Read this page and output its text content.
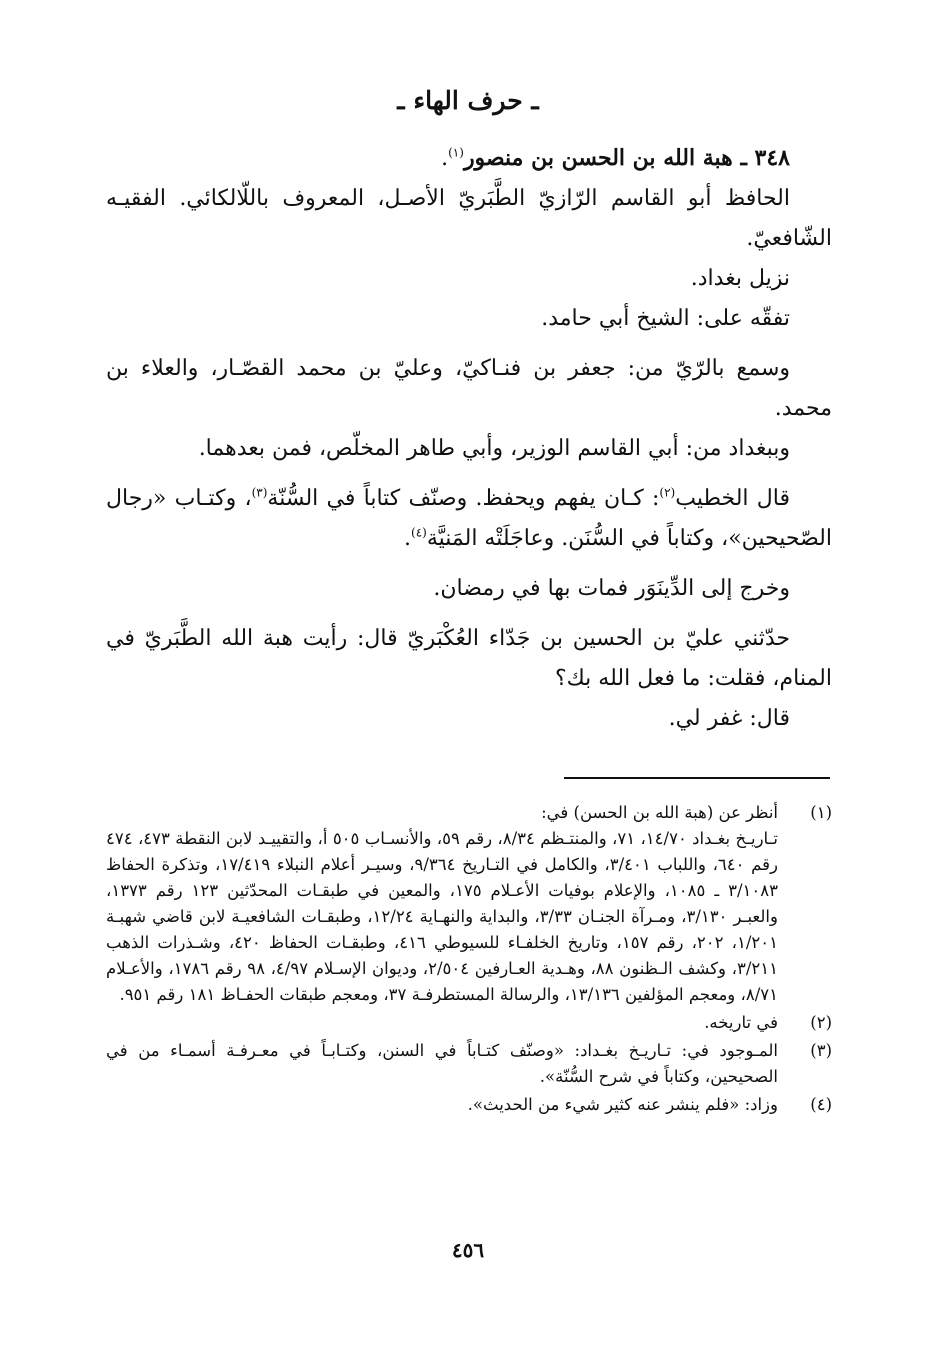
ـ حرف الهاء ـ

٣٤٨ ـ هبة الله بن الحسن بن منصور$^{(١)}$.

الحافظ أبو القاسم الرّازيّ الطَّبَريّ الأصـل، المعروف باللّالكائي. الفقيـه الشّافعيّ.

نزيل بغداد.

تفقّه على: الشيخ أبي حامد.

وسمع بالرّيّ من: جعفر بن فنـاكيّ، وعليّ بن محمد القصّـار، والعلاء بن محمد.

وببغداد من: أبي القاسم الوزير، وأبي طاهر المخلّص، فمن بعدهما.

قال الخطيب$^{(٢)}$: كـان يفهم ويحفظ. وصنّف كتاباً في السُّنّة$^{(٣)}$، وكتـاب «رجال الصّحيحين»، وكتاباً في السُّنَن. وعاجَلَتْه المَنيَّة$^{(٤)}$.

وخرج إلى الدِّينَوَر فمات بها في رمضان.

حدّثني عليّ بن الحسين بن جَدّاء العُكْبَريّ قال: رأيت هبة الله الطَّبَريّ في المنام، فقلت: ما فعل الله بك؟

قال: غفر لي.

(١)

أنظر عن (هبة الله بن الحسن) في:

تـاريـخ بغـداد ١٤/٧٠، ٧١، والمنتـظم ٨/٣٤، رقم ٥٩، والأنسـاب ٥٠٥ أ، والتقييـد لابن النقطة ٤٧٣، ٤٧٤ رقم ٦٤٠، واللباب ٣/٤٠١، والكامل في التـاريخ ٩/٣٦٤، وسيـر أعلام النبلاء ١٧/٤١٩، وتذكرة الحفاظ ٣/١٠٨٣ ـ ١٠٨٥، والإعلام بوفيات الأعـلام ١٧٥، والمعين في طبقـات المحدّثين ١٢٣ رقم ١٣٧٣، والعبـر ٣/١٣٠، ومـرآة الجنـان ٣/٣٣، والبداية والنهـاية ١٢/٢٤، وطبقـات الشافعيـة لابن قاضي شهبـة ١/٢٠١، ٢٠٢، رقم ١٥٧، وتاريخ الخلفـاء للسيوطي ٤١٦، وطبقـات الحفاظ ٤٢٠، وشـذرات الذهب ٣/٢١١، وكشف الـظنون ٨٨، وهـدية العـارفين ٢/٥٠٤، وديوان الإسـلام ٤/٩٧، ٩٨ رقم ١٧٨٦، والأعـلام ٨/٧١، ومعجم المؤلفين ١٣/١٣٦، والرسالة المستطرفـة ٣٧، ومعجم طبقات الحفـاظ ١٨١ رقم ٩٥١.

(٢)

في تاريخه.

(٣)

المـوجود في: تـاريـخ بغـداد: «وصنّف كتـاباً في السنن، وكتـابـاً في معـرفـة أسمـاء من في الصحيحين، وكتاباً في شرح السُّنّة».

(٤)

وزاد: «فلم ينشر عنه كثير شيء من الحديث».

٤٥٦
